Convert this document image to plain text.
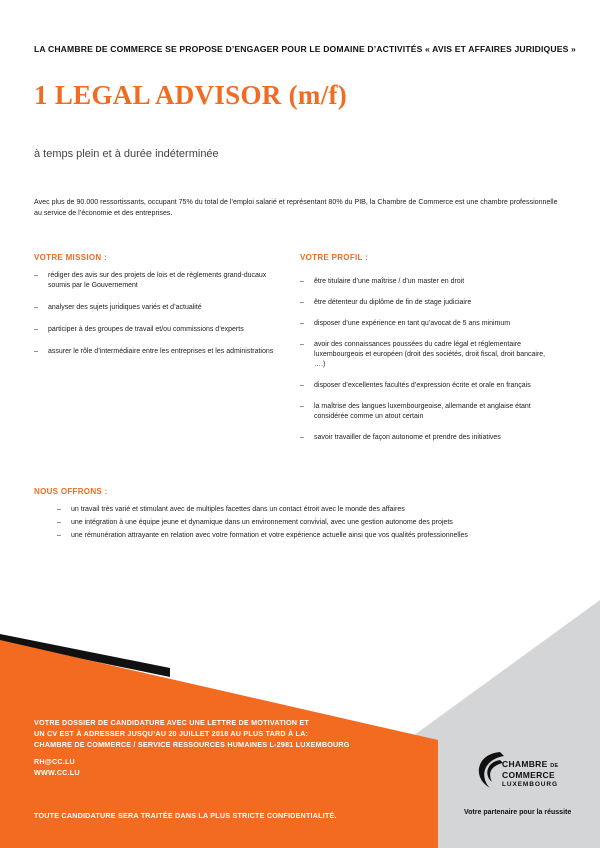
LA CHAMBRE DE COMMERCE SE PROPOSE D’ENGAGER POUR LE DOMAINE D’ACTIVITÉS « AVIS ET AFFAIRES JURIDIQUES »
1 LEGAL ADVISOR (m/f)
à temps plein et à durée indéterminée
Avec plus de 90.000 ressortissants, occupant 75% du total de l’emploi salarié et représentant 80% du PIB, la Chambre de Commerce est une chambre professionnelle au service de l’économie et des entreprises.
VOTRE MISSION :
– rédiger des avis sur des projets de lois et de règlements grand-ducaux soumis par le Gouvernement
– analyser des sujets juridiques variés et d’actualité
– participer à des groupes de travail et/ou commissions d’experts
– assurer le rôle d’intermédiaire entre les entreprises et les administrations
VOTRE PROFIL :
– être titulaire d’une maîtrise / d’un master en droit
– être détenteur du diplôme de fin de stage judiciaire
– disposer d’une expérience en tant qu’avocat de 5 ans minimum
– avoir des connaissances poussées du cadre légal et réglementaire luxembourgeois et européen (droit des sociétés, droit fiscal, droit bancaire, ….)
– disposer d’excellentes facultés d’expression écrite et orale en français
– la maîtrise des langues luxembourgeoise, allemande et anglaise étant considérée comme un atout certain
– savoir travailler de façon autonome et prendre des initiatives
NOUS OFFRONS :
– un travail très varié et stimulant avec de multiples facettes dans un contact étroit avec le monde des affaires
– une intégration à une équipe jeune et dynamique dans un environnement convivial, avec une gestion autonome des projets
– une rémunération attrayante en relation avec votre formation et votre expérience actuelle ainsi que vos qualités professionnelles
VOTRE DOSSIER DE CANDIDATURE AVEC UNE LETTRE DE MOTIVATION ET
UN CV EST À ADRESSER JUSQU’AU 20 JUILLET 2018 AU PLUS TARD À LA:
CHAMBRE DE COMMERCE / SERVICE RESSOURCES HUMAINES L-2981 LUXEMBOURG
RH@CC.LU
WWW.CC.LU
TOUTE CANDIDATURE SERA TRAITÉE DANS LA PLUS STRICTE CONFIDENTIALITÉ.
CHAMBRE DE
COMMERCE
LUXEMBOURG
Votre partenaire pour la réussite
